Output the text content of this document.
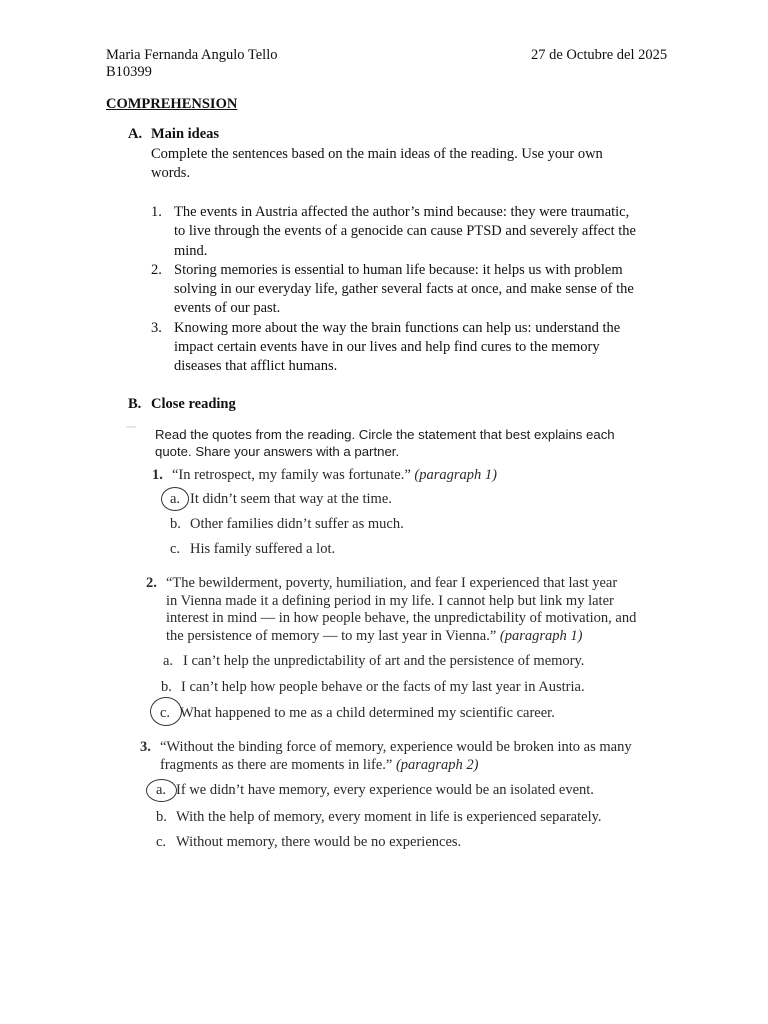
Maria Fernanda Angulo Tello
B10399
27 de Octubre del 2025
COMPREHENSION
A. Main ideas
Complete the sentences based on the main ideas of the reading. Use your own
words.
1. The events in Austria affected the author’s mind because: they were traumatic,
to live through the events of a genocide can cause PTSD and severely affect the
mind.
2. Storing memories is essential to human life because: it helps us with problem
solving in our everyday life, gather several facts at once, and make sense of the
events of our past.
3. Knowing more about the way the brain functions can help us: understand the
impact certain events have in our lives and help find cures to the memory
diseases that afflict humans.
B. Close reading
Read the quotes from the reading. Circle the statement that best explains each
quote. Share your answers with a partner.
1. “In retrospect, my family was fortunate.” (paragraph 1)
a. It didn’t seem that way at the time.
b. Other families didn’t suffer as much.
c. His family suffered a lot.
2. “The bewilderment, poverty, humiliation, and fear I experienced that last year
in Vienna made it a defining period in my life. I cannot help but link my later
interest in mind — in how people behave, the unpredictability of motivation, and
the persistence of memory — to my last year in Vienna.” (paragraph 1)
a. I can’t help the unpredictability of art and the persistence of memory.
b. I can’t help how people behave or the facts of my last year in Austria.
c. What happened to me as a child determined my scientific career.
3. “Without the binding force of memory, experience would be broken into as many
fragments as there are moments in life.” (paragraph 2)
a. If we didn’t have memory, every experience would be an isolated event.
b. With the help of memory, every moment in life is experienced separately.
c. Without memory, there would be no experiences.
